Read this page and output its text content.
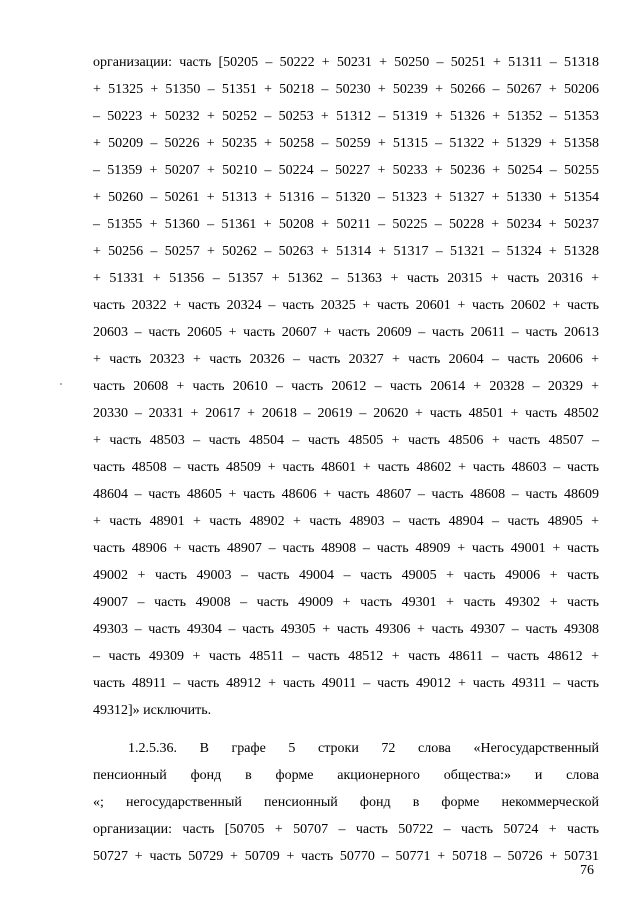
организации: часть [50205 – 50222 + 50231 + 50250 – 50251 + 51311 – 51318
+ 51325 + 51350 – 51351 + 50218 – 50230 + 50239 + 50266 – 50267 + 50206
– 50223 + 50232 + 50252 – 50253 + 51312 – 51319 + 51326 + 51352 – 51353
+ 50209 – 50226 + 50235 + 50258 – 50259 + 51315 – 51322 + 51329 + 51358
– 51359 + 50207 + 50210 – 50224 – 50227 + 50233 + 50236 + 50254 – 50255
+ 50260 – 50261 + 51313 + 51316 – 51320 – 51323 + 51327 + 51330 + 51354
– 51355 + 51360 – 51361 + 50208 + 50211 – 50225 – 50228 + 50234 + 50237
+ 50256 – 50257 + 50262 – 50263 + 51314 + 51317 – 51321 – 51324 + 51328
+ 51331 + 51356 – 51357 + 51362 – 51363 + часть 20315 + часть 20316 +
часть 20322 + часть 20324 – часть 20325 + часть 20601 + часть 20602 + часть
20603 – часть 20605 + часть 20607 + часть 20609 – часть 20611 – часть 20613
+ часть 20323 + часть 20326 – часть 20327 + часть 20604 – часть 20606 +
часть 20608 + часть 20610 – часть 20612 – часть 20614 + 20328 – 20329 +
20330 – 20331 + 20617 + 20618 – 20619 – 20620 + часть 48501 + часть 48502
+ часть 48503 – часть 48504 – часть 48505 + часть 48506 + часть 48507 –
часть 48508 – часть 48509 + часть 48601 + часть 48602 + часть 48603 – часть
48604 – часть 48605 + часть 48606 + часть 48607 – часть 48608 – часть 48609
+ часть 48901 + часть 48902 + часть 48903 – часть 48904 – часть 48905 +
часть 48906 + часть 48907 – часть 48908 – часть 48909 + часть 49001 + часть
49002 + часть 49003 – часть 49004 – часть 49005 + часть 49006 + часть
49007 – часть 49008 – часть 49009 + часть 49301 + часть 49302 + часть
49303 – часть 49304 – часть 49305 + часть 49306 + часть 49307 – часть 49308
– часть 49309 + часть 48511 – часть 48512 + часть 48611 – часть 48612 +
часть 48911 – часть 48912 + часть 49011 – часть 49012 + часть 49311 – часть
49312]» исключить.
1.2.5.36. В графе 5 строки 72 слова «Негосударственный
пенсионный фонд в форме акционерного общества:» и слова
«; негосударственный пенсионный фонд в форме некоммерческой
организации: часть [50705 + 50707 – часть 50722 – часть 50724 + часть
50727 + часть 50729 + 50709 + часть 50770 – 50771 + 50718 – 50726 + 50731
76
